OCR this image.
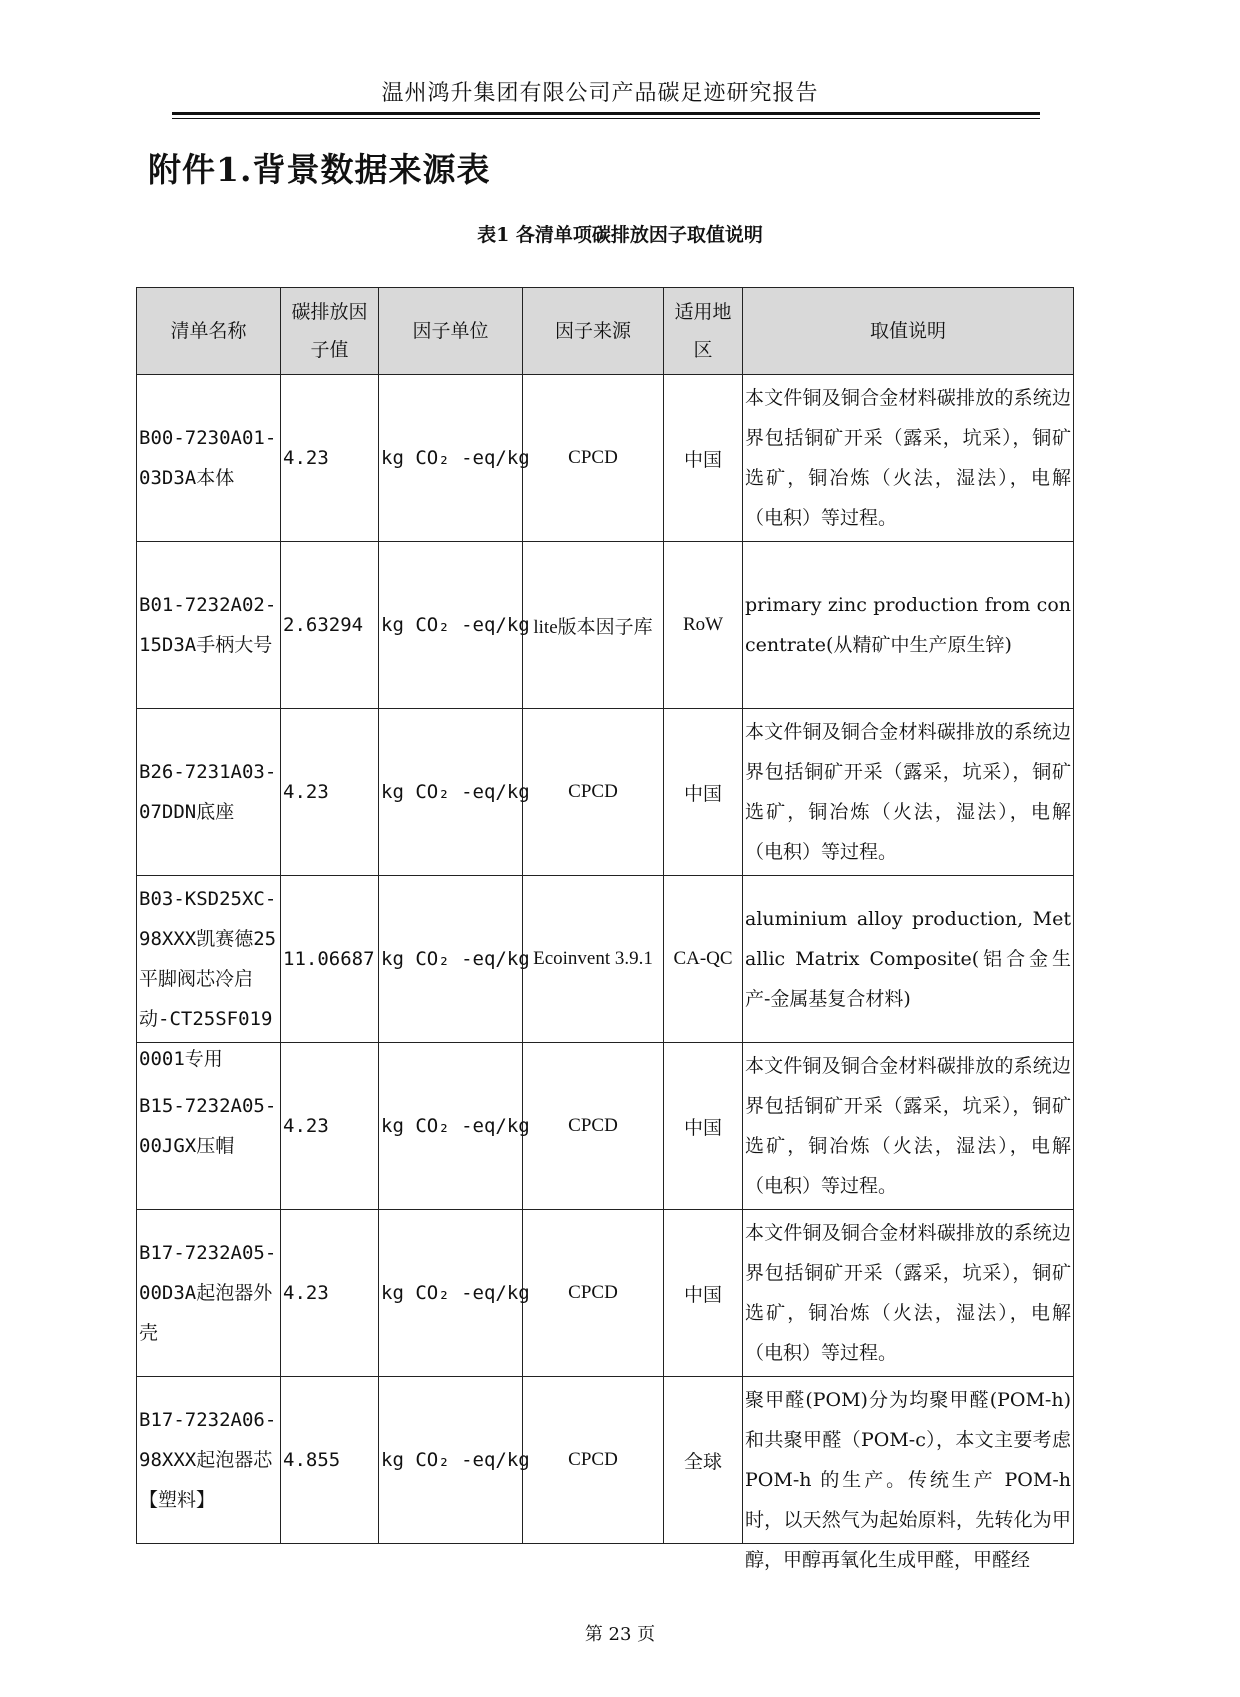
温州鸿升集团有限公司产品碳足迹研究报告
附件1.背景数据来源表
表1 各清单项碳排放因子取值说明
清单名称	碳排放因子值	因子单位	因子来源	适用地区	取值说明
B00-7230A01-03D3A本体	4.23	kg CO₂ -eq/kg	CPCD	中国	本文件铜及铜合金材料碳排放的系统边界包括铜矿开采（露采，坑采），铜矿选矿，铜冶炼（火法，湿法），电解（电积）等过程。

B01-7232A02-15D3A手柄大号	2.63294	kg CO₂ -eq/kg	lite版本因子库	RoW	primary zinc production from concentrate(从精矿中生产原生锌)

B26-7231A03-07DDN底座	4.23	kg CO₂ -eq/kg	CPCD	中国	本文件铜及铜合金材料碳排放的系统边界包括铜矿开采（露采，坑采），铜矿选矿，铜冶炼（火法，湿法），电解（电积）等过程。

B03-KSD25XC-98XXX凯赛德25平脚阀芯冷启动-CT25SF0190001专用	11.06687	kg CO₂ -eq/kg	Ecoinvent 3.9.1	CA-QC	aluminium alloy production, Metallic Matrix Composite(铝合金生产-金属基复合材料)

B15-7232A05-00JGX压帽	4.23	kg CO₂ -eq/kg	CPCD	中国	本文件铜及铜合金材料碳排放的系统边界包括铜矿开采（露采，坑采），铜矿选矿，铜冶炼（火法，湿法），电解（电积）等过程。

B17-7232A05-00D3A起泡器外壳	4.23	kg CO₂ -eq/kg	CPCD	中国	本文件铜及铜合金材料碳排放的系统边界包括铜矿开采（露采，坑采），铜矿选矿，铜冶炼（火法，湿法），电解（电积）等过程。

B17-7232A06-98XXX起泡器芯【塑料】	4.855	kg CO₂ -eq/kg	CPCD	全球	聚甲醛(POM)分为均聚甲醛(POM-h)和共聚甲醛（POM-c），本文主要考虑 POM-h 的生产。传统生产 POM-h时，以天然气为起始原料，先转化为甲醇，甲醇再氧化生成甲醛，甲醛经
第 23 页
